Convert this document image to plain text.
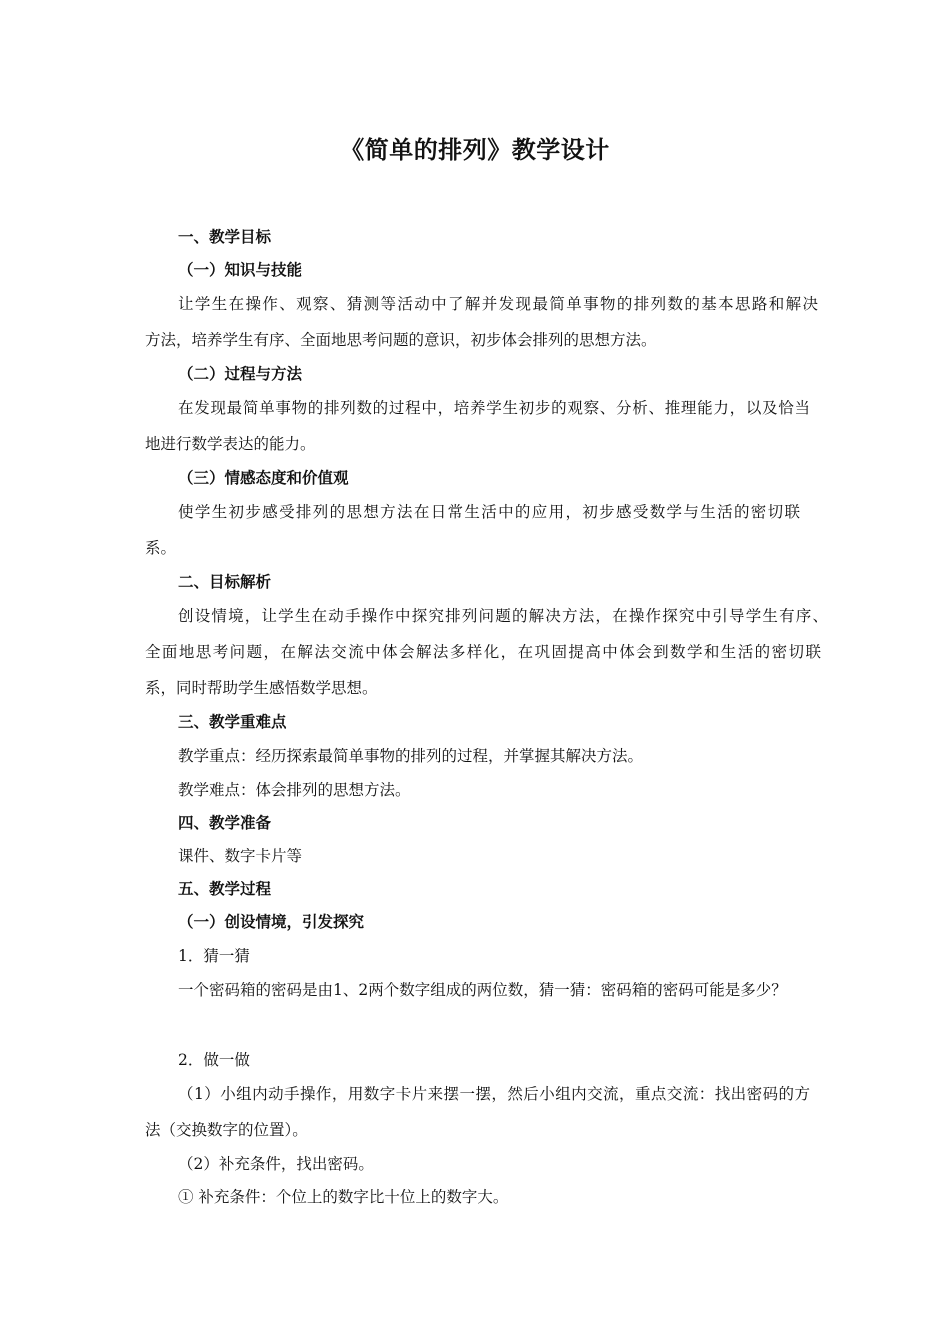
《简单的排列》教学设计
一、教学目标
（一）知识与技能
让学生在操作、观察、猜测等活动中了解并发现最简单事物的排列数的基本思路和解决
方法，培养学生有序、全面地思考问题的意识，初步体会排列的思想方法。
（二）过程与方法
在发现最简单事物的排列数的过程中，培养学生初步的观察、分析、推理能力，以及恰当
地进行数学表达的能力。
（三）情感态度和价值观
使学生初步感受排列的思想方法在日常生活中的应用，初步感受数学与生活的密切联
系。
二、目标解析
创设情境，让学生在动手操作中探究排列问题的解决方法，在操作探究中引导学生有序、
全面地思考问题，在解法交流中体会解法多样化，在巩固提高中体会到数学和生活的密切联
系，同时帮助学生感悟数学思想。
三、教学重难点
教学重点：经历探索最简单事物的排列的过程，并掌握其解决方法。
教学难点：体会排列的思想方法。
四、教学准备
课件、数字卡片等
五、教学过程
（一）创设情境，引发探究
1．猜一猜
一个密码箱的密码是由1、2两个数字组成的两位数，猜一猜：密码箱的密码可能是多少？
2．做一做
（1）小组内动手操作，用数字卡片来摆一摆，然后小组内交流，重点交流：找出密码的方
法（交换数字的位置）。
（2）补充条件，找出密码。
① 补充条件：个位上的数字比十位上的数字大。
